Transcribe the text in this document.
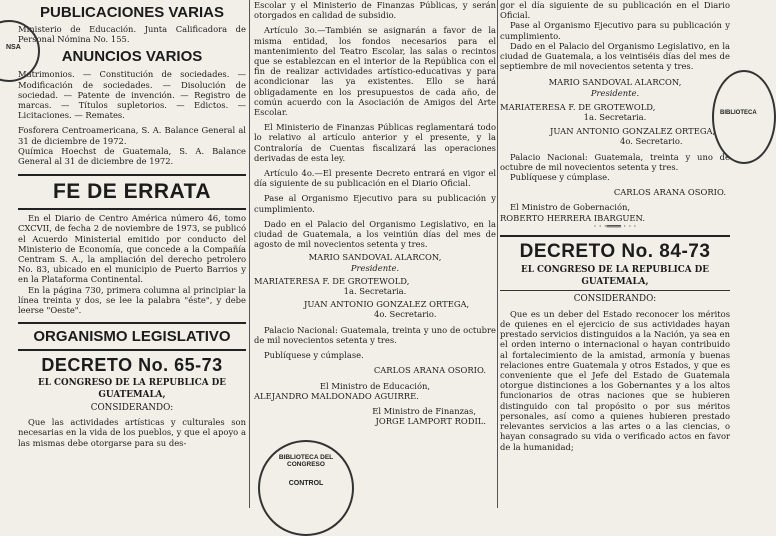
PUBLICACIONES VARIAS

Ministerio de Educación. Junta Calificadora de Personal Nómina No. 155.

ANUNCIOS VARIOS

Matrimonios. — Constitución de sociedades. — Modificación de sociedades. — Disolución de sociedad. — Patente de invención. — Registro de marcas. — Títulos supletorios. — Edictos. — Licitaciones. — Remates.

Fosforera Centroamericana, S. A. Balance General al 31 de diciembre de 1972.

Química Hoechst de Guatemala, S. A. Balance General al 31 de diciembre de 1972.

FE DE ERRATA

En el Diario de Centro América número 46, tomo CXCVII, de fecha 2 de noviembre de 1973, se publicó el Acuerdo Ministerial emitido por conducto del Ministerio de Economía, que concede a la Compañía Centram S. A., la ampliación del derecho petrolero No. 83, ubicado en el municipio de Puerto Barrios y en la Plataforma Continental.

En la página 730, primera columna al principiar la línea treinta y dos, se lee la palabra "éste", y debe leerse "Oeste".

ORGANISMO LEGISLATIVO

DECRETO No. 65-73

EL CONGRESO DE LA REPUBLICA DE GUATEMALA,

CONSIDERANDO:

Que las actividades artísticas y culturales son necesarias en la vida de los pueblos, y que el apoyo a las mismas debe otorgarse para su des-

Escolar y el Ministerio de Finanzas Públicas, y serán otorgados en calidad de subsidio.

Artículo 3o.—También se asignarán a favor de la misma entidad, los fondos necesarios para el mantenimiento del Teatro Escolar, las salas o recintos que se establezcan en el interior de la República con el fin de realizar actividades artístico-educativas y para acondicionar las ya existentes. Ello se hará obligadamente en los presupuestos de cada año, de común acuerdo con la Asociación de Amigos del Arte Escolar.

El Ministerio de Finanzas Públicas reglamentará todo lo relativo al artículo anterior y el presente, y la Contraloría de Cuentas fiscalizará las operaciones derivadas de esta ley.

Artículo 4o.—El presente Decreto entrará en vigor el día siguiente de su publicación en el Diario Oficial.

Pase al Organismo Ejecutivo para su publicación y cumplimiento.

Dado en el Palacio del Organismo Legislativo, en la ciudad de Guatemala, a los veintiún días del mes de agosto de mil novecientos setenta y tres.

MARIO SANDOVAL ALARCON,

Presidente.

MARIATERESA F. DE GROTEWOLD,

1a. Secretaria.

JUAN ANTONIO GONZALEZ ORTEGA,

4o. Secretario.

Palacio Nacional: Guatemala, treinta y uno de octubre de mil novecientos setenta y tres.

Publíquese y cúmplase.

CARLOS ARANA OSORIO.

El Ministro de Educación,

ALEJANDRO MALDONADO AGUIRRE.

El Ministro de Finanzas,

JORGE LAMPORT RODIL.

gor el día siguiente de su publicación en el Diario Oficial.

Pase al Organismo Ejecutivo para su publicación y cumplimiento.

Dado en el Palacio del Organismo Legislativo, en la ciudad de Guatemala, a los veintiséis días del mes de septiembre de mil novecientos setenta y tres.

MARIO SANDOVAL ALARCON,

Presidente.

MARIATERESA F. DE GROTEWOLD,

1a. Secretaria.

JUAN ANTONIO GONZALEZ ORTEGA,

4o. Secretario.

Palacio Nacional: Guatemala, treinta y uno de octubre de mil novecientos setenta y tres.

Publíquese y cúmplase.

CARLOS ARANA OSORIO.

El Ministro de Gobernación,

ROBERTO HERRERA IBARGUEN.

· · ·═══ · · ·

DECRETO No. 84-73

EL CONGRESO DE LA REPUBLICA DE GUATEMALA,

CONSIDERANDO:

Que es un deber del Estado reconocer los méritos de quienes en el ejercicio de sus actividades hayan prestado servicios distinguidos a la Nación, ya sea en el orden interno o internacional o hayan contribuido al fortalecimiento de la amistad, armonía y buenas relaciones entre Guatemala y otros Estados, y que es conveniente que el Jefe del Estado de Guatemala otorgue distinciones a los Gobernantes y a los altos funcionarios de otras naciones que se hubieren distinguido con tal propósito o por sus méritos personales, así como a quienes hubieren prestado relevantes servicios a las artes o a las ciencias, o hayan consagrado su vida o verificado actos en favor de la humanidad;

NSA
BIBLIOTECA DEL CONGRESO
CONTROL
BIBLIOTECA
